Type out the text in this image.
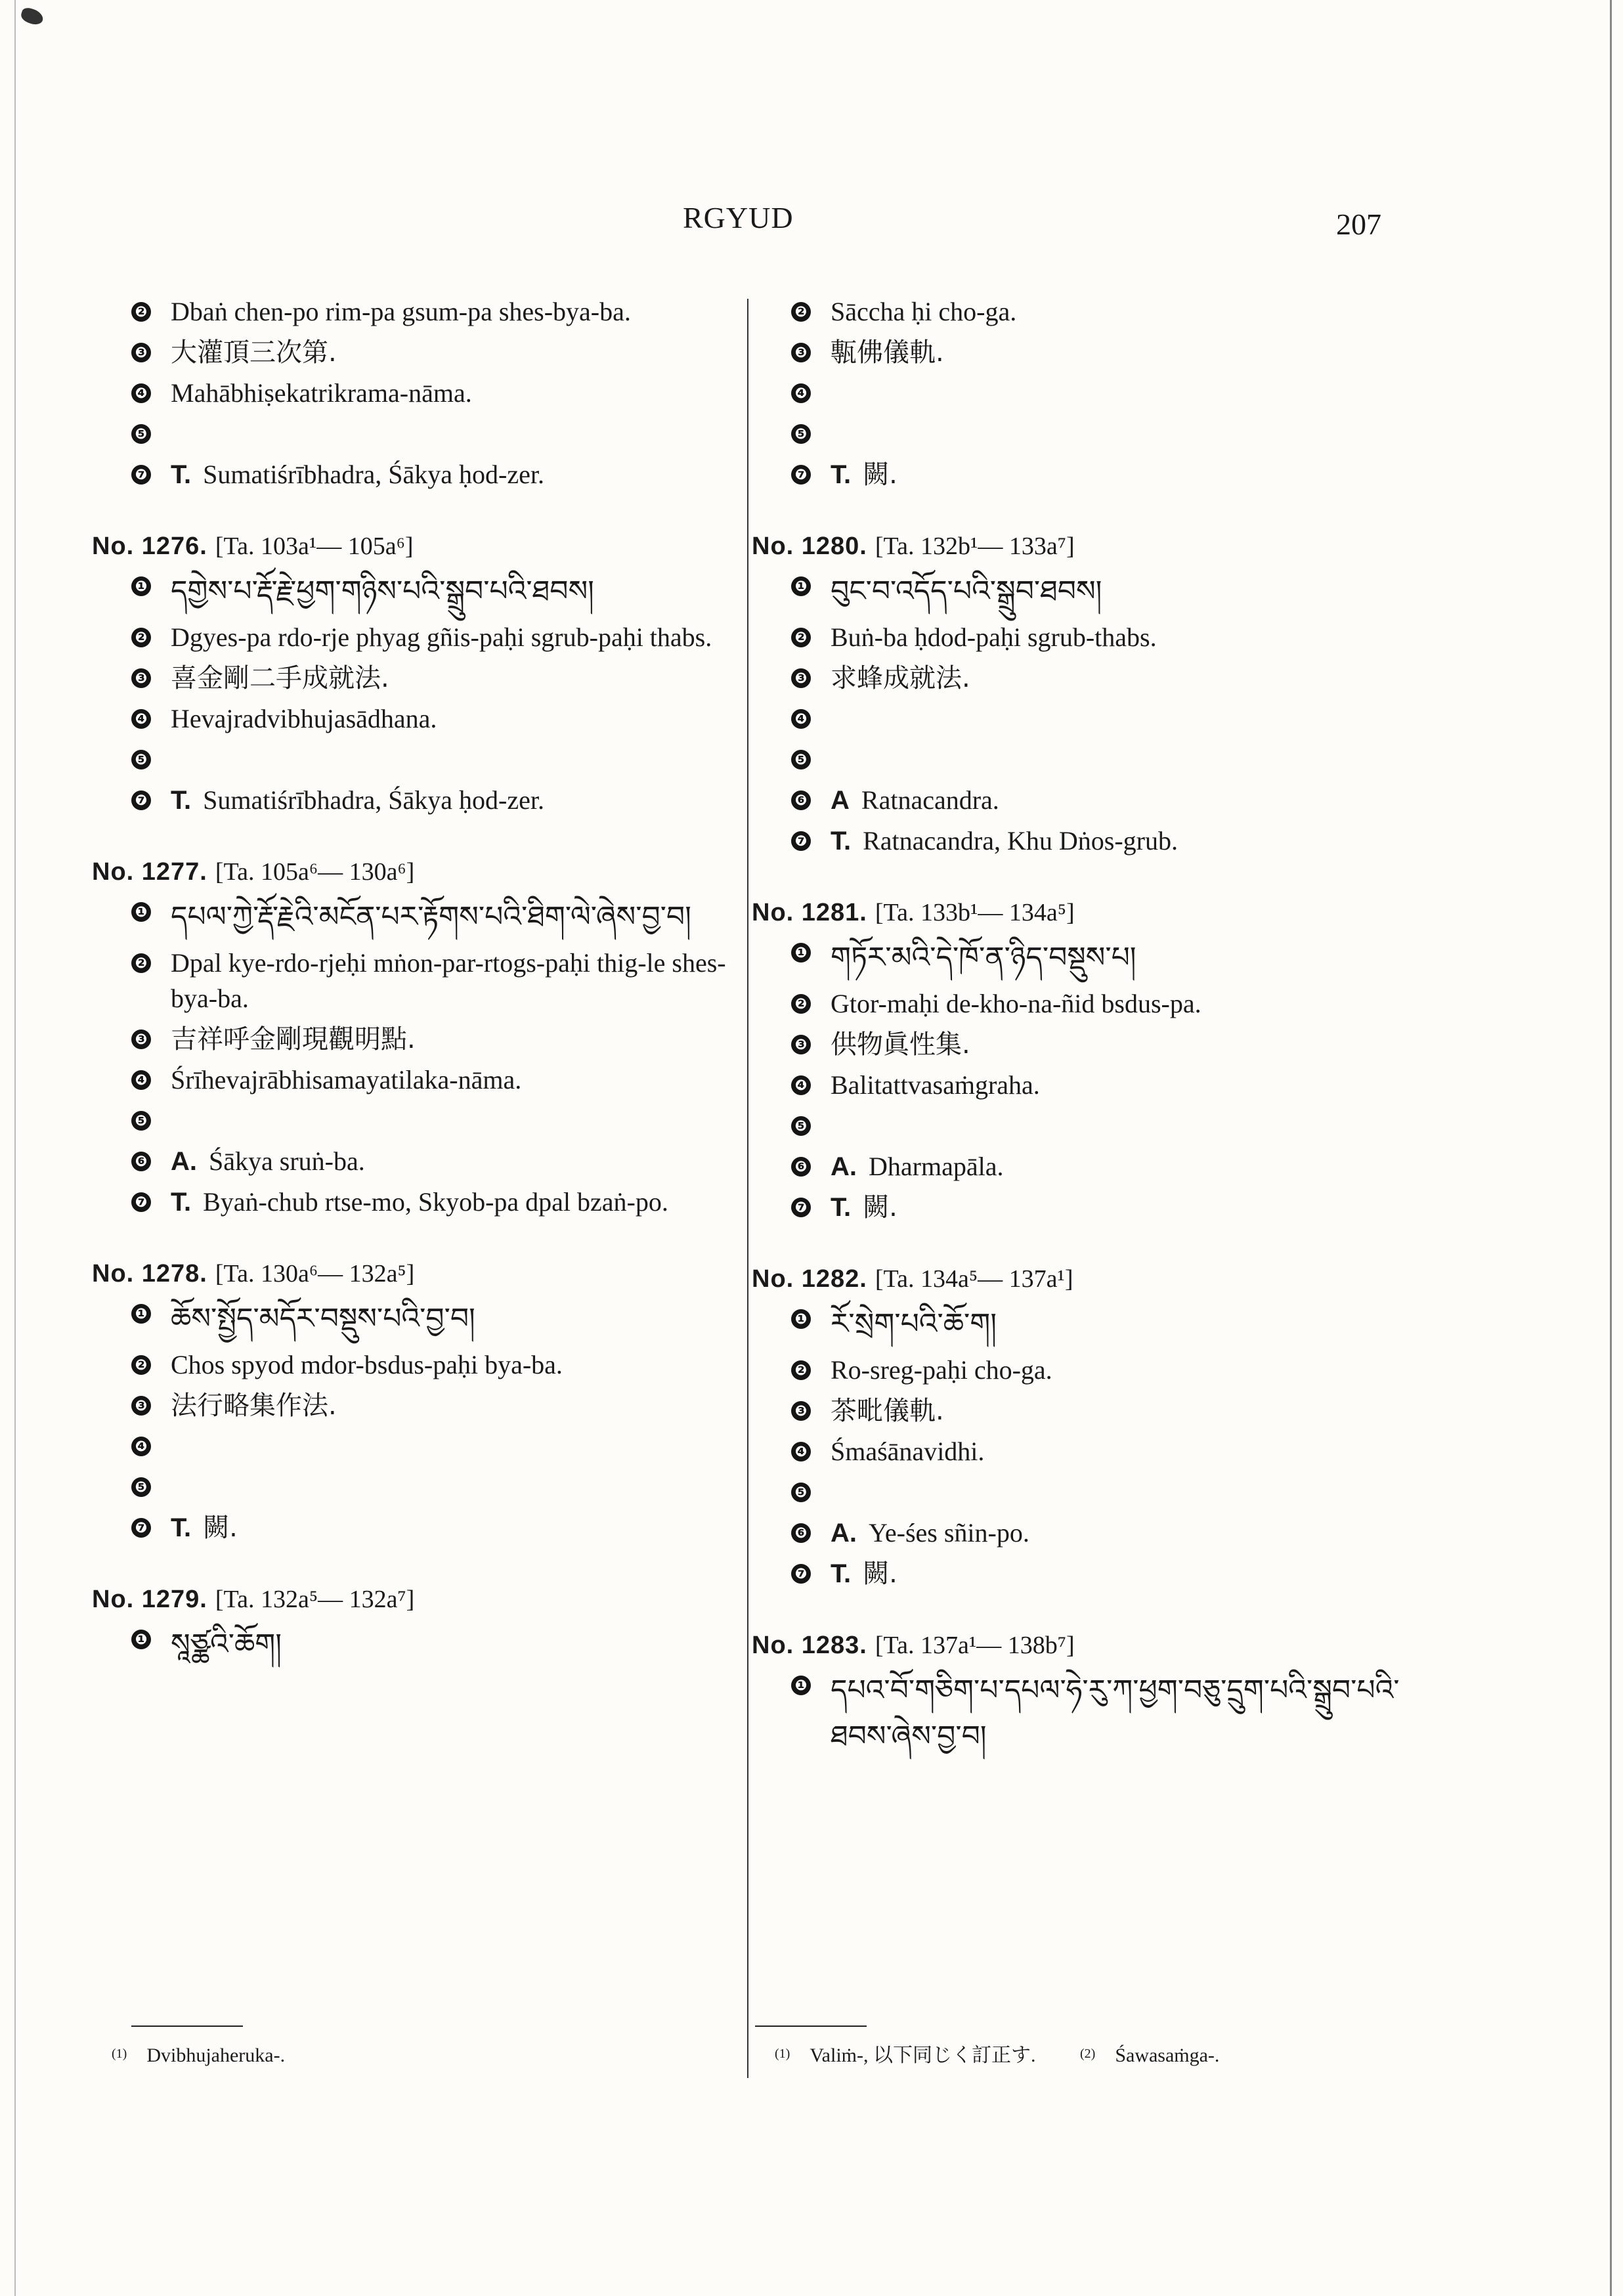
RGYUD	207
❷ Dbaṅ chen-po rim-pa gsum-pa shes-bya-ba.
❸ 大灌頂三次第.
❹ Mahābhiṣekatrikrama-nāma.
❺
❼ T. Sumatiśrībhadra, Śākya ḥod-zer.
No. 1276. [Ta. 103a¹— 105a⁶]
❶ དགྱེས་པ་རྡོ་རྗེ་ཕྱག་གཉིས་པའི་སྒྲུབ་པའི་ཐབས།
❷ Dgyes-pa rdo-rje phyag gñis-paḥi sgrub-paḥi thabs.
❸ 喜金剛二手成就法.
❹ Hevajradvibhujasādhana.
❺
❼ T. Sumatiśrībhadra, Śākya ḥod-zer.
No. 1277. [Ta. 105a⁶— 130a⁶]
❶ དཔལ་ཀྱེ་རྡོ་རྗེའི་མངོན་པར་རྟོགས་པའི་ཐིག་ལེ་ཞེས་བྱ་བ།
❷ Dpal kye-rdo-rjeḥi mṅon-par-rtogs-paḥi thig-le shes-bya-ba.
❸ 吉祥呼金剛現觀明點.
❹ Śrīhevajrābhisamayatilaka-nāma.
❺
❻ A. Śākya sruṅ-ba.
❼ T. Byaṅ-chub rtse-mo, Skyob-pa dpal bzaṅ-po.
No. 1278. [Ta. 130a⁶— 132a⁵]
❶ ཆོས་སྤྱོད་མདོར་བསྡུས་པའི་བྱ་བ།
❷ Chos spyod mdor-bsdus-paḥi bya-ba.
❸ 法行略集作法.
❹
❺
❼ T. 闕.
No. 1279. [Ta. 132a⁵— 132a⁷]
❶ སཱཙྪའི་ཆོག།
❷ Sāccha ḥi cho-ga.
❸ 甎佛儀軌.
❹
❺
❼ T. 闕.
No. 1280. [Ta. 132b¹— 133a⁷]
❶ བུང་བ་འདོད་པའི་སྒྲུབ་ཐབས།
❷ Buṅ-ba ḥdod-paḥi sgrub-thabs.
❸ 求蜂成就法.
❹
❺
❻ A Ratnacandra.
❼ T. Ratnacandra, Khu Dṅos-grub.
No. 1281. [Ta. 133b¹— 134a⁵]
❶ གཏོར་མའི་དེ་ཁོ་ན་ཉིད་བསྡུས་པ།
❷ Gtor-maḥi de-kho-na-ñid bsdus-pa.
❸ 供物眞性集.
❹ Balitattvasaṁgraha.
❺
❻ A. Dharmapāla.
❼ T. 闕.
No. 1282. [Ta. 134a⁵— 137a¹]
❶ རོ་སྲེག་པའི་ཆོ་ག།
❷ Ro-sreg-paḥi cho-ga.
❸ 茶毗儀軌.
❹ Śmaśānavidhi.
❺
❻ A. Ye-śes sñin-po.
❼ T. 闕.
No. 1283. [Ta. 137a¹— 138b⁷]
❶ དཔའ་བོ་གཅིག་པ་དཔལ་ཧེ་རུ་ཀ་ཕྱག་བཅུ་དྲུག་པའི་སྒྲུབ་པའི་ཐབས་ཞེས་བྱ་བ།
$^{(1)}$ Dvibhujaheruka-.	$^{(1)}$ Valiṁ-, 以下同じく訂正す.	$^{(2)}$ Śawasaṁga-.
